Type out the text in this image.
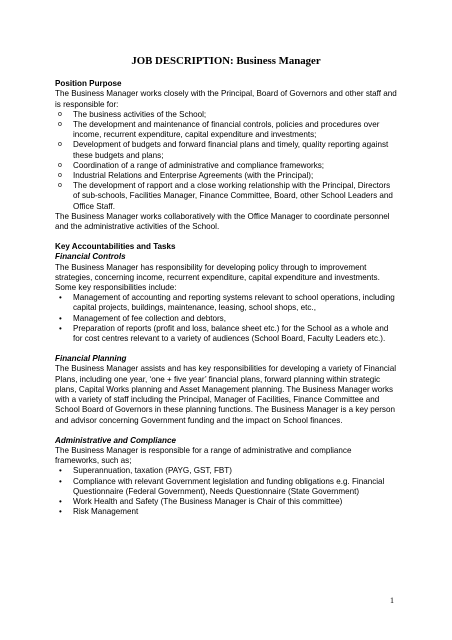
JOB DESCRIPTION: Business Manager
Position Purpose
The Business Manager works closely with the Principal, Board of Governors and other staff and is responsible for:
o The business activities of the School;
o The development and maintenance of financial controls, policies and procedures over income, recurrent expenditure, capital expenditure and investments;
o Development of budgets and forward financial plans and timely, quality reporting against these budgets and plans;
o Coordination of a range of administrative and compliance frameworks;
o Industrial Relations and Enterprise Agreements (with the Principal);
o The development of rapport and a close working relationship with the Principal, Directors of sub-schools, Facilities Manager, Finance Committee, Board, other School Leaders and Office Staff.
The Business Manager works collaboratively with the Office Manager to coordinate personnel and the administrative activities of the School.
Key Accountabilities and Tasks
Financial Controls
The Business Manager has responsibility for developing policy through to improvement strategies, concerning income, recurrent expenditure, capital expenditure and investments. Some key responsibilities include:
• Management of accounting and reporting systems relevant to school operations, including capital projects, buildings, maintenance, leasing, school shops, etc.,
• Management of fee collection and debtors,
• Preparation of reports (profit and loss, balance sheet etc.) for the School as a whole and for cost centres relevant to a variety of audiences (School Board, Faculty Leaders etc.).
Financial Planning
The Business Manager assists and has key responsibilities for developing a variety of Financial Plans, including one year, ‘one + five year’ financial plans, forward planning within strategic plans, Capital Works planning and Asset Management planning. The Business Manager works with a variety of staff including the Principal, Manager of Facilities, Finance Committee and School Board of Governors in these planning functions. The Business Manager is a key person and advisor concerning Government funding and the impact on School finances.
Administrative and Compliance
The Business Manager is responsible for a range of administrative and compliance frameworks, such as;
• Superannuation, taxation (PAYG, GST, FBT)
• Compliance with relevant Government legislation and funding obligations e.g. Financial Questionnaire (Federal Government), Needs Questionnaire (State Government)
• Work Health and Safety (The Business Manager is Chair of this committee)
• Risk Management
1
